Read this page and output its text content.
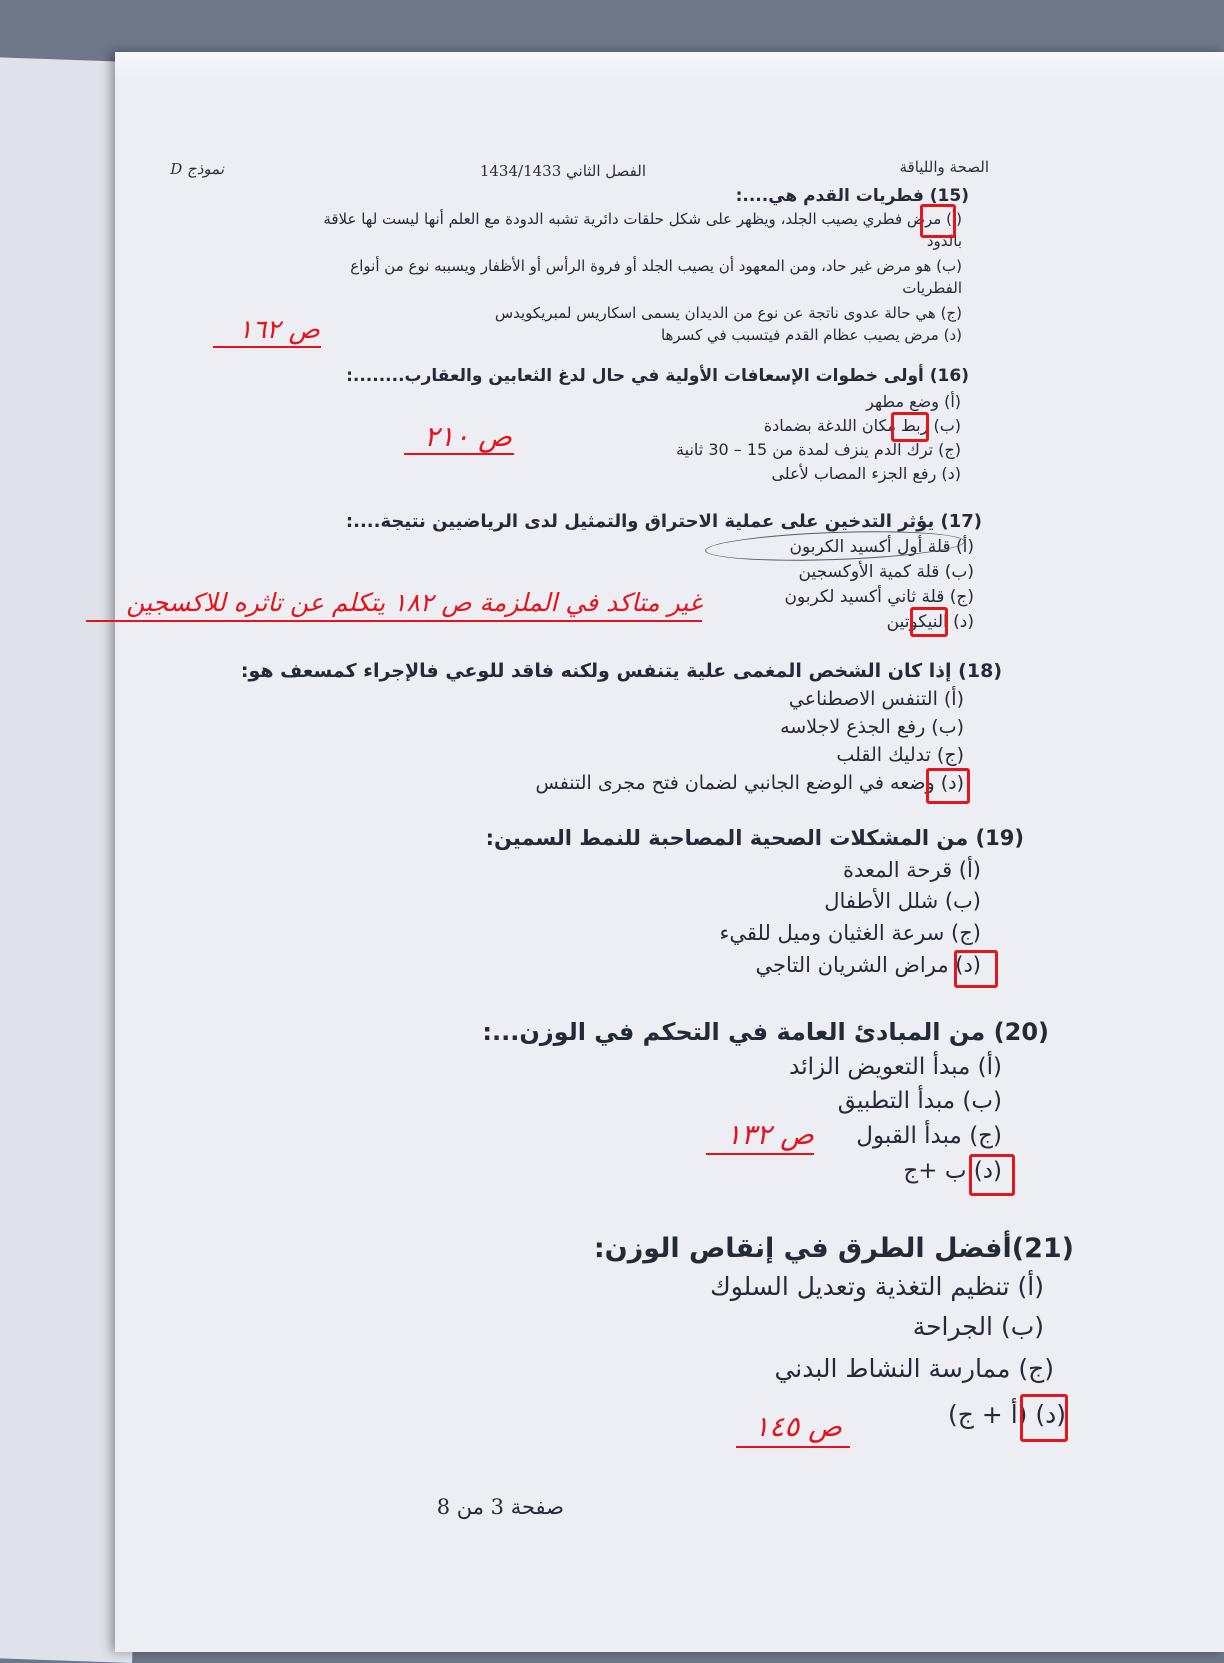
الصحة واللياقة
الفصل الثاني 1434/1433
نموذج D
(15) فطريات القدم هي....:
(أ) مرض فطري يصيب الجلد، ويظهر على شكل حلقات دائرية تشبه الدودة مع العلم أنها ليست لها علاقة
بالدود
(ب) هو مرض غير حاد، ومن المعهود أن يصيب الجلد أو فروة الرأس أو الأظفار ويسببه نوع من أنواع
الفطريات
(ج) هي حالة عدوى ناتجة عن نوع من الديدان يسمى اسكاريس لمبريكويدس
(د) مرض يصيب عظام القدم فيتسبب في كسرها
ص ١٦٢
(16) أولى خطوات الإسعافات الأولية في حال لدغ الثعابين والعقارب........:
(أ) وضع مطهر
(ب) ربط مكان اللدغة بضمادة
(ج) ترك الدم ينزف لمدة من 15 – 30 ثانية
(د) رفع الجزء المصاب لأعلى
ص ٢١٠
(17) يؤثر التدخين على عملية الاحتراق والتمثيل لدى الرياضيين نتيجة....:
(أ) قلة أول أكسيد الكربون
(ب) قلة كمية الأوكسجين
(ج) قلة ثاني أكسيد لكربون
(د) النيكوتين
غير متاكد في الملزمة ص ١٨٢ يتكلم عن تاثره للاكسجين
(18) إذا كان الشخص المغمى علية يتنفس ولكنه فاقد للوعي فالإجراء كمسعف هو:
(أ) التنفس الاصطناعي
(ب) رفع الجذع لاجلاسه
(ج) تدليك القلب
(د) وضعه في الوضع الجانبي لضمان فتح مجرى التنفس
(19) من المشكلات الصحية المصاحبة للنمط السمين:
(أ) قرحة المعدة
(ب) شلل الأطفال
(ج) سرعة الغثيان وميل للقيء
(د) مراض الشريان التاجي
(20) من المبادئ العامة في التحكم في الوزن...:
(أ) مبدأ التعويض الزائد
(ب) مبدأ التطبيق
(ج) مبدأ القبول
(د) ب +ج
ص ١٣٢
(21)أفضل الطرق في إنقاص الوزن:
(أ) تنظيم التغذية وتعديل السلوك
(ب) الجراحة
(ج) ممارسة النشاط البدني
(د) (أ + ج)
ص ١٤٥
صفحة 3 من 8
